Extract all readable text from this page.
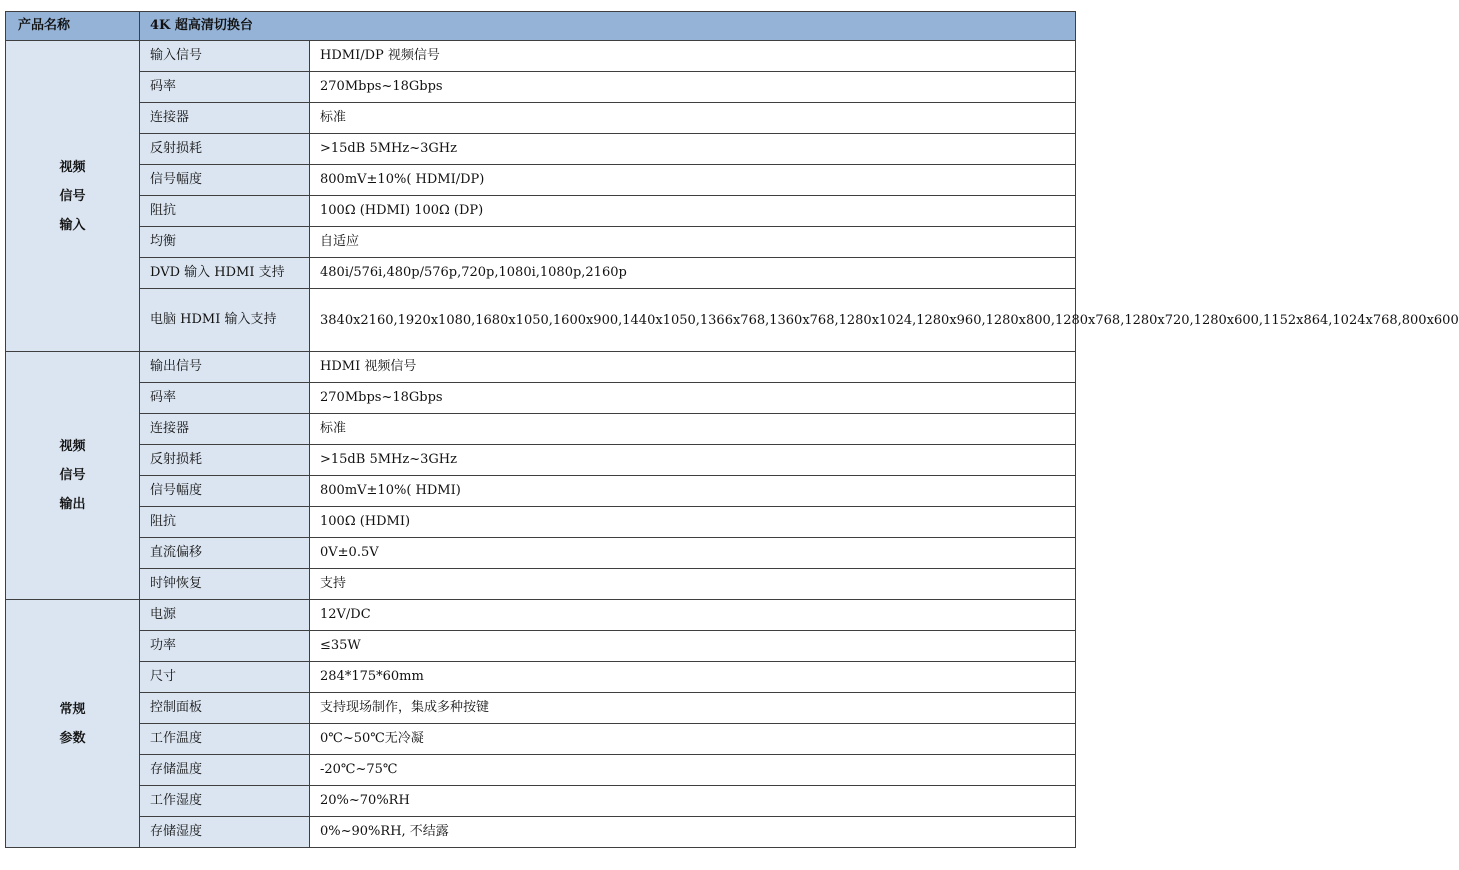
产品名称	4K 超高清切换台	

视频
信号
输入	输入信号	HDMI/DP 视频信号
	码率	270Mbps~18Gbps
	连接器	标准
	反射损耗	>15dB 5MHz~3GHz
	信号幅度	800mV±10%( HDMI/DP)
	阻抗	100Ω (HDMI) 100Ω (DP)
	均衡	自适应
	DVD 输入 HDMI 支持	480i/576i,480p/576p,720p,1080i,1080p,2160p
	电脑 HDMI 输入支持	3840x2160,1920x1080,1680x1050,1600x900,1440x1050,1366x768,1360x768,1280x1024,1280x960,1280x800,1280x768,1280x720,1280x600,1152x864,1024x768,800x600

视频
信号
输出	输出信号	HDMI 视频信号
	码率	270Mbps~18Gbps
	连接器	标准
	反射损耗	>15dB 5MHz~3GHz
	信号幅度	800mV±10%( HDMI)
	阻抗	100Ω (HDMI)
	直流偏移	0V±0.5V
	时钟恢复	支持

常规
参数	电源	12V/DC
	功率	≤35W
	尺寸	284*175*60mm
	控制面板	支持现场制作，集成多种按键
	工作温度	0℃~50℃无冷凝
	存储温度	-20℃~75℃
	工作湿度	20%~70%RH
	存储湿度	0%~90%RH, 不结露
